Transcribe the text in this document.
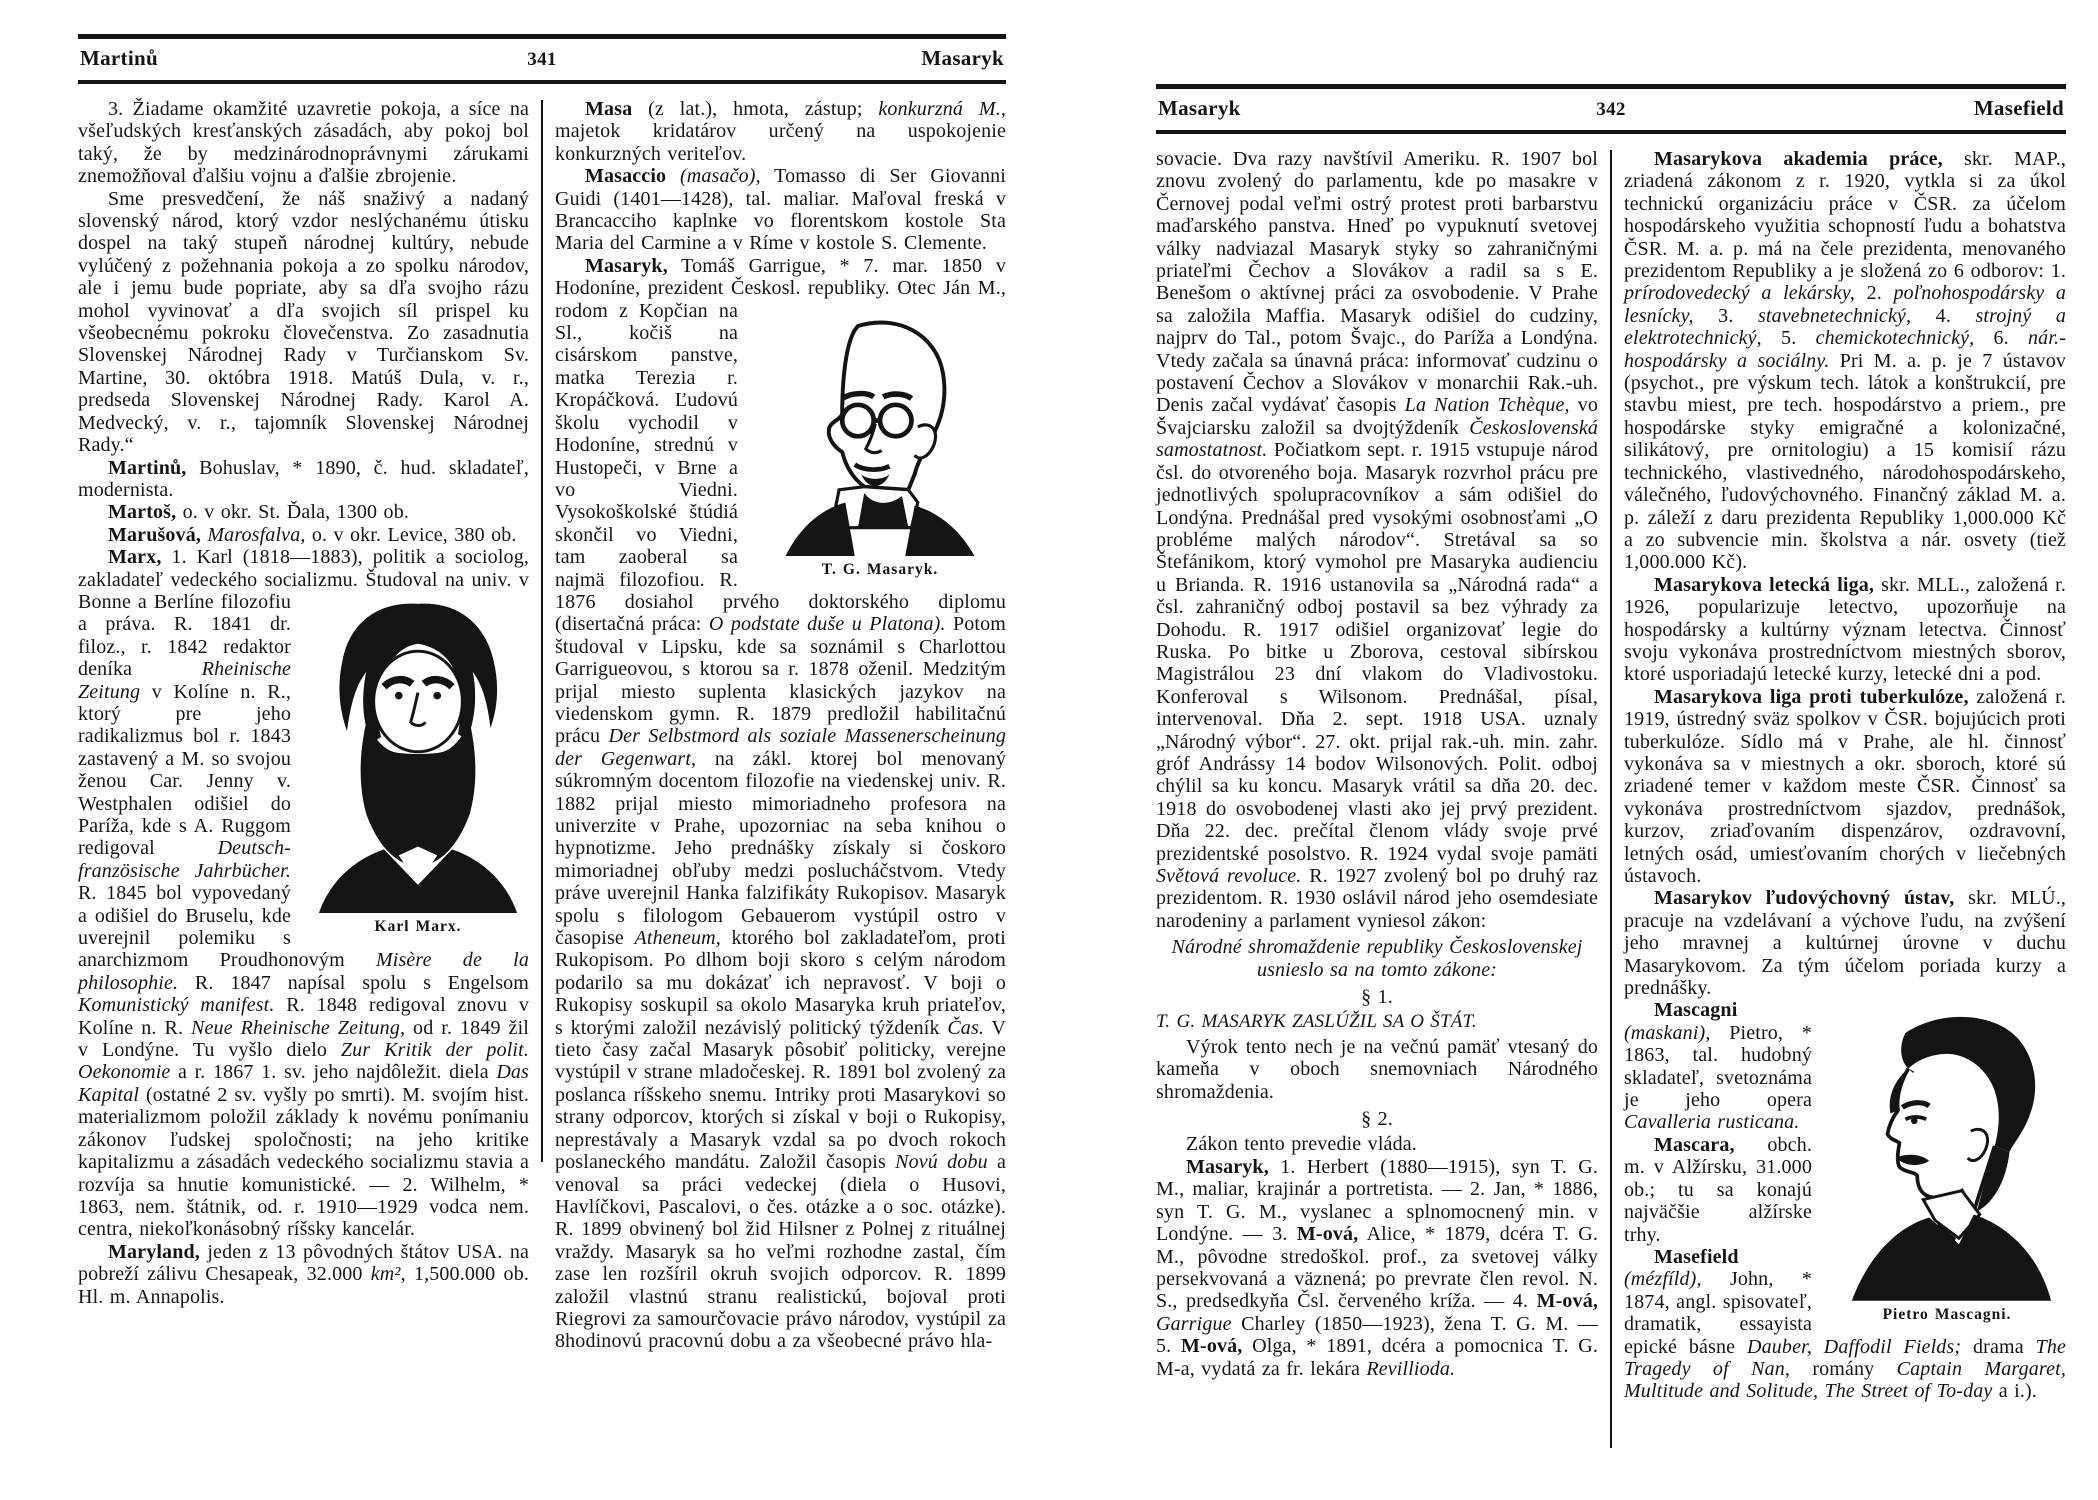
Martinů	341	Masaryk

3. Žiadame okamžité uzavretie pokoja, a síce na všeľudských kresťanských zásadách, aby pokoj bol taký, že by medzinárodnoprávnymi zárukami znemožňoval ďalšiu vojnu a ďalšie zbrojenie.

Sme presvedčení, že náš snaživý a nadaný slovenský národ, ktorý vzdor neslýchanému útisku dospel na taký stupeň národnej kultúry, nebude vylúčený z požehnania pokoja a zo spolku národov, ale i jemu bude popriate, aby sa dľa svojho rázu mohol vyvinovať a dľa svojich síl prispel ku všeobecnému pokroku človečenstva. Zo zasadnutia Slovenskej Národnej Rady v Turčianskom Sv. Martine, 30. októbra 1918. Matúš Dula, v. r., predseda Slovenskej Národnej Rady. Karol A. Medvecký, v. r., tajomník Slovenskej Národnej Rady.“

Martinů, Bohuslav, * 1890, č. hud. skladateľ, modernista.

Martoš, o. v okr. St. Ďala, 1300 ob.

Marušová, Marosfalva, o. v okr. Levice, 380 ob.

Marx, 1. Karl (1818—1883), politik a sociolog, zakladateľ vedeckého socializmu.
Karl Marx.
Študoval na univ. v Bonne a Berlíne filozofiu a práva. R. 1841 dr. filoz., r. 1842 redaktor deníka Rheinische Zeitung v Kolíne n. R., ktorý pre jeho radikalizmus bol r. 1843 zastavený a M. so svojou ženou Car. Jenny v. Westphalen odišiel do Paríža, kde s A. Ruggom redigoval Deutsch-französische Jahrbücher. R. 1845 bol vypovedaný a odišiel do Bruselu, kde uverejnil polemiku s anarchizmom Proudhonovým Misère de la philosophie. R. 1847 napísal spolu s Engelsom Komunistický manifest. R. 1848 redigoval znovu v Kolíne n. R. Neue Rheinische Zeitung, od r. 1849 žil v Londýne. Tu vyšlo dielo Zur Kritik der polit. Oekonomie a r. 1867 1. sv. jeho najdôležit. diela Das Kapital (ostatné 2 sv. vyšly po smrti). M. svojím hist. materializmom položil základy k novému ponímaniu zákonov ľudskej spoločnosti; na jeho kritike kapitalizmu a zásadách vedeckého socializmu stavia a rozvíja sa hnutie komunistické. — 2. Wilhelm, * 1863, nem. štátnik, od. r. 1910—1929 vodca nem. centra, niekoľkonásobný ríšsky kancelár.

Maryland, jeden z 13 pôvodných štátov USA. na pobreží zálivu Chesapeak, 32.000 km², 1,500.000 ob. Hl. m. Annapolis.

Masa (z lat.), hmota, zástup; konkurzná M., majetok kridatárov určený na uspokojenie konkurzných veriteľov.

Masaccio (masačo), Tomasso di Ser Giovanni Guidi (1401—1428), tal. maliar. Maľoval freská v Brancacciho kaplnke vo florentskom kostole Sta Maria del Carmine a v Ríme v kostole S. Clemente.

Masaryk, Tomáš Garrigue, * 7. mar. 1850 v Hodoníne, prezident Českosl. republiky.
T. G. Masaryk.
Otec Ján M., rodom z Kopčian na Sl., kočiš na cisárskom panstve, matka Terezia r. Kropáčková. Ľudovú školu vychodil v Hodoníne, strednú v Hustopeči, v Brne a vo Viedni. Vysokoškolské štúdiá skončil vo Viedni, tam zaoberal sa najmä filozofiou. R. 1876 dosiahol prvého doktorského diplomu (disertačná práca: O podstate duše u Platona). Potom študoval v Lipsku, kde sa soznámil s Charlottou Garrigueovou, s ktorou sa r. 1878 oženil. Medzitým prijal miesto suplenta klasických jazykov na viedenskom gymn. R. 1879 predložil habilitačnú prácu Der Selbstmord als soziale Massenerscheinung der Gegenwart, na zákl. ktorej bol menovaný súkromným docentom filozofie na viedenskej univ. R. 1882 prijal miesto mimoriadneho profesora na univerzite v Prahe, upozorniac na seba knihou o hypnotizme. Jeho prednášky získaly si čoskoro mimoriadnej obľuby medzi poslucháčstvom. Vtedy práve uverejnil Hanka falzifikáty Rukopisov. Masaryk spolu s filologom Gebauerom vystúpil ostro v časopise Atheneum, ktorého bol zakladateľom, proti Rukopisom. Po dlhom boji skoro s celým národom podarilo sa mu dokázať ich nepravosť. V boji o Rukopisy soskupil sa okolo Masaryka kruh priateľov, s ktorými založil nezávislý politický týždeník Čas. V tieto časy začal Masaryk pôsobiť politicky, verejne vystúpil v strane mladočeskej. R. 1891 bol zvolený za poslanca ríšskeho snemu. Intriky proti Masarykovi so strany odporcov, ktorých si získal v boji o Rukopisy, neprestávaly a Masaryk vzdal sa po dvoch rokoch poslaneckého mandátu. Založil časopis Novú dobu a venoval sa práci vedeckej (diela o Husovi, Havlíčkovi, Pascalovi, o čes. otázke a o soc. otázke). R. 1899 obvinený bol žid Hilsner z Polnej z rituálnej vraždy. Masaryk sa ho veľmi rozhodne zastal, čím zase len rozšíril okruh svojich odporcov. R. 1899 založil vlastnú stranu realistickú, bojoval proti Riegrovi za samourčovacie právo národov, vystúpil za 8hodinovú pracovnú dobu a za všeobecné právo hla-

Masaryk	342	Masefield

sovacie. Dva razy navštívil Ameriku. R. 1907 bol znovu zvolený do parlamentu, kde po masakre v Černovej podal veľmi ostrý protest proti barbarstvu maďarského panstva. Hneď po vypuknutí svetovej války nadviazal Masaryk styky so zahraničnými priateľmi Čechov a Slovákov a radil sa s E. Benešom o aktívnej práci za osvobodenie. V Prahe sa založila Maffia. Masaryk odišiel do cudziny, najprv do Tal., potom Švajc., do Paríža a Londýna. Vtedy začala sa únavná práca: informovať cudzinu o postavení Čechov a Slovákov v monarchii Rak.-uh. Denis začal vydávať časopis La Nation Tchèque, vo Švajciarsku založil sa dvojtýždeník Československá samostatnost. Počiatkom sept. r. 1915 vstupuje národ čsl. do otvoreného boja. Masaryk rozvrhol prácu pre jednotlivých spolupracovníkov a sám odišiel do Londýna. Prednášal pred vysokými osobnosťami „O probléme malých národov“. Stretával sa so Štefánikom, ktorý vymohol pre Masaryka audienciu u Brianda. R. 1916 ustanovila sa „Národná rada“ a čsl. zahraničný odboj postavil sa bez výhrady za Dohodu. R. 1917 odišiel organizovať legie do Ruska. Po bitke u Zborova, cestoval sibírskou Magistrálou 23 dní vlakom do Vladivostoku. Konferoval s Wilsonom. Prednášal, písal, intervenoval. Dňa 2. sept. 1918 USA. uznaly „Národný výbor“. 27. okt. prijal rak.-uh. min. zahr. gróf Andrássy 14 bodov Wilsonových. Polit. odboj chýlil sa ku koncu. Masaryk vrátil sa dňa 20. dec. 1918 do osvobodenej vlasti ako jej prvý prezident. Dňa 22. dec. prečítal členom vlády svoje prvé prezidentské posolstvo. R. 1924 vydal svoje pamäti Světová revoluce. R. 1927 zvolený bol po druhý raz prezidentom. R. 1930 oslávil národ jeho osemdesiate narodeniny a parlament vyniesol zákon:

Národné shromaždenie republiky Československej usnieslo sa na tomto zákone:

§ 1.

T. G. MASARYK ZASLÚŽIL SA O ŠTÁT.

Výrok tento nech je na večnú pamäť vtesaný do kameňa v oboch snemovniach Národného shromaždenia.

§ 2.

Zákon tento prevedie vláda.

Masaryk, 1. Herbert (1880—1915), syn T. G. M., maliar, krajinár a portretista. — 2. Jan, * 1886, syn T. G. M., vyslanec a splnomocnený min. v Londýne. — 3. M-ová, Alice, * 1879, dcéra T. G. M., pôvodne stredoškol. prof., za svetovej války persekvovaná a väznená; po prevrate člen revol. N. S., predsedkyňa Čsl. červeného kríža. — 4. M-ová, Garrigue Charley (1850—1923), žena T. G. M. — 5. M-ová, Olga, * 1891, dcéra a pomocnica T. G. M-a, vydatá za fr. lekára Revillioda.

Masarykova akademia práce, skr. MAP., zriadená zákonom z r. 1920, vytkla si za úkol technickú organizáciu práce v ČSR. za účelom hospodárskeho využitia schopností ľudu a bohatstva ČSR. M. a. p. má na čele prezidenta, menovaného prezidentom Republiky a je složená zo 6 odborov: 1. prírodovedecký a lekársky, 2. poľnohospodársky a lesnícky, 3. stavebnetechnický, 4. strojný a elektrotechnický, 5. chemickotechnický, 6. nár.-hospodársky a sociálny. Pri M. a. p. je 7 ústavov (psychot., pre výskum tech. látok a konštrukcií, pre stavbu miest, pre tech. hospodárstvo a priem., pre hospodárske styky emigračné a kolonizačné, silikátový, pre ornitologiu) a 15 komisií rázu technického, vlastivedného, národohospodárskeho, válečného, ľudovýchovného. Finančný základ M. a. p. záleží z daru prezidenta Republiky 1,000.000 Kč a zo subvencie min. školstva a nár. osvety (tiež 1,000.000 Kč).

Masarykova letecká liga, skr. MLL., založená r. 1926, popularizuje letectvo, upozorňuje na hospodársky a kultúrny význam letectva. Činnosť svoju vykonáva prostredníctvom miestných sborov, ktoré usporiadajú letecké kurzy, letecké dni a pod.

Masarykova liga proti tuberkulóze, založená r. 1919, ústredný sväz spolkov v ČSR. bojujúcich proti tuberkulóze. Sídlo má v Prahe, ale hl. činnosť vykonáva sa v miestnych a okr. sboroch, ktoré sú zriadené temer v každom meste ČSR. Činnosť sa vykonáva prostredníctvom sjazdov, prednášok, kurzov, zriaďovaním dispenzárov, ozdravovní, letných osád, umiesťovaním chorých v liečebných ústavoch.

Masarykov ľudovýchovný ústav, skr. MLÚ., pracuje na vzdelávaní a výchove ľudu, na zvýšení jeho mravnej a kultúrnej úrovne v duchu Masarykovom. Za tým účelom poriada kurzy a prednášky.

Pietro Mascagni.
Mascagni (maskani), Pietro, * 1863, tal. hudobný skladateľ, svetoznáma je jeho opera Cavalleria rusticana.

Mascara, obch. m. v Alžírsku, 31.000 ob.; tu sa konajú najväčšie alžírske trhy.

Masefield (mézfíld), John, * 1874, angl. spisovateľ, dramatik, essayista epické básne Dauber, Daffodil Fields; drama The Tragedy of Nan, romány Captain Margaret, Multitude and Solitude, The Street of To-day a i.).
